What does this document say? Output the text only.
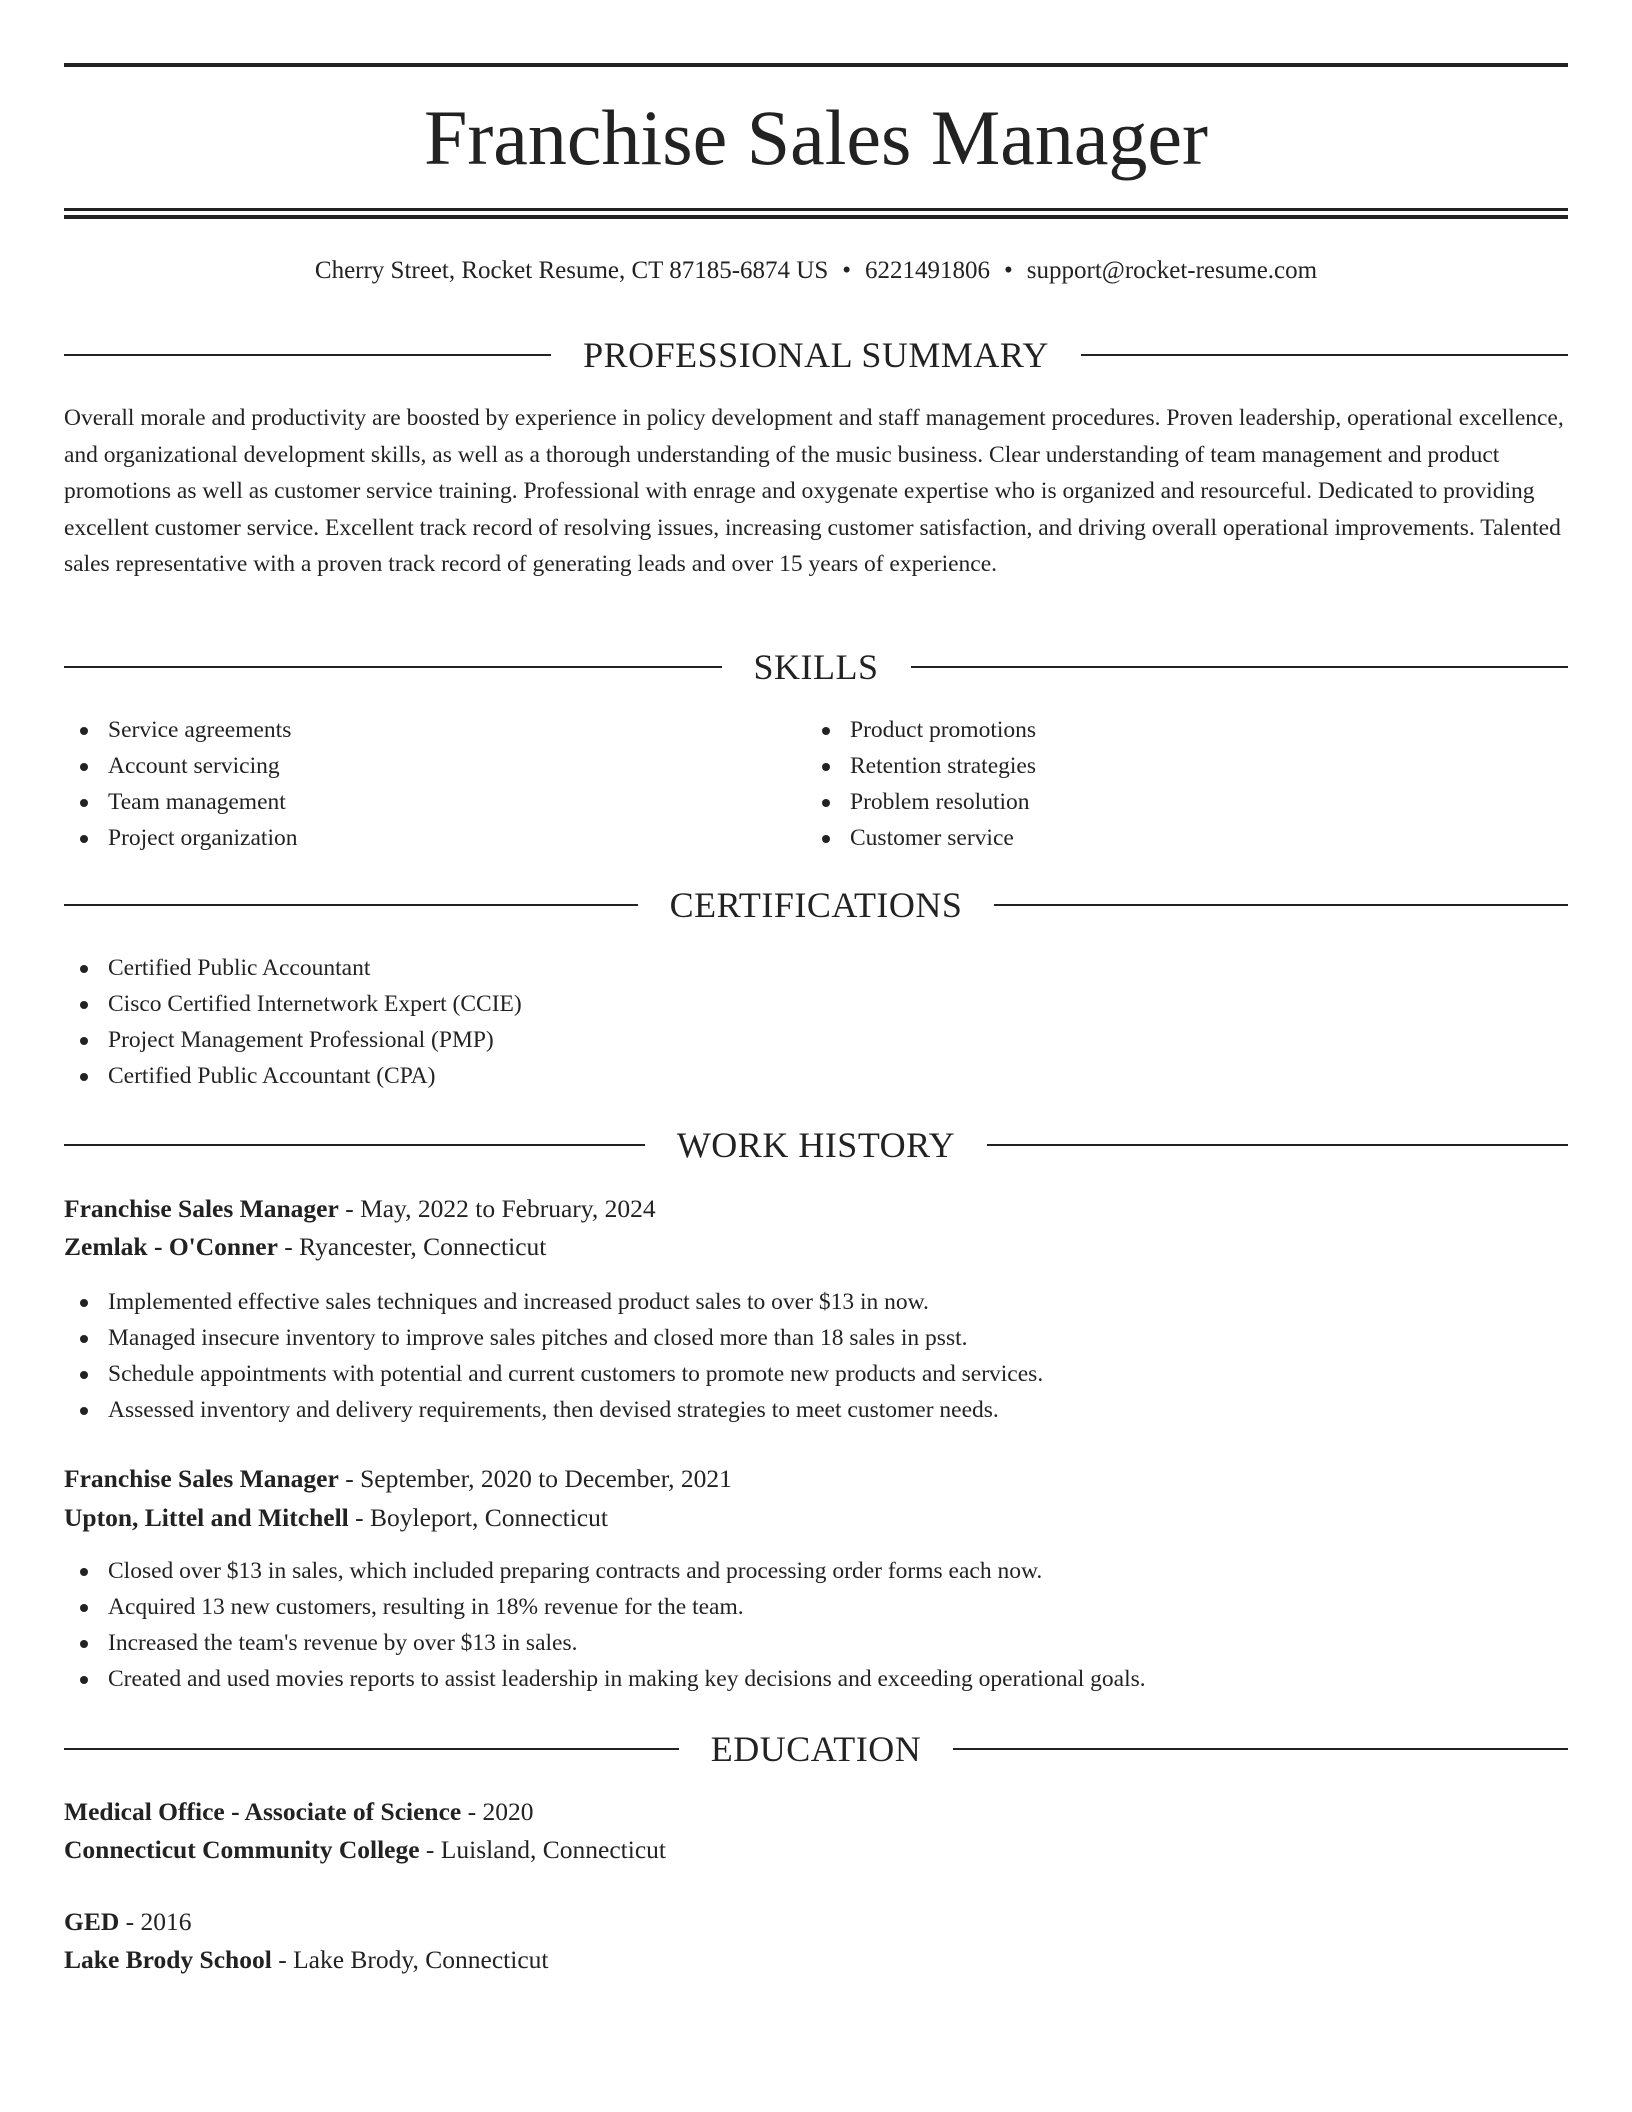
Franchise Sales Manager
Cherry Street, Rocket Resume, CT 87185-6874 US • 6221491806 • support@rocket-resume.com
PROFESSIONAL SUMMARY
Overall morale and productivity are boosted by experience in policy development and staff management procedures. Proven leadership, operational excellence, and organizational development skills, as well as a thorough understanding of the music business. Clear understanding of team management and product promotions as well as customer service training. Professional with enrage and oxygenate expertise who is organized and resourceful. Dedicated to providing excellent customer service. Excellent track record of resolving issues, increasing customer satisfaction, and driving overall operational improvements. Talented sales representative with a proven track record of generating leads and over 15 years of experience.
SKILLS
Service agreements
Account servicing
Team management
Project organization
Product promotions
Retention strategies
Problem resolution
Customer service
CERTIFICATIONS
Certified Public Accountant
Cisco Certified Internetwork Expert (CCIE)
Project Management Professional (PMP)
Certified Public Accountant (CPA)
WORK HISTORY
Franchise Sales Manager - May, 2022 to February, 2024
Zemlak - O'Conner - Ryancester, Connecticut
Implemented effective sales techniques and increased product sales to over $13 in now.
Managed insecure inventory to improve sales pitches and closed more than 18 sales in psst.
Schedule appointments with potential and current customers to promote new products and services.
Assessed inventory and delivery requirements, then devised strategies to meet customer needs.
Franchise Sales Manager - September, 2020 to December, 2021
Upton, Littel and Mitchell - Boyleport, Connecticut
Closed over $13 in sales, which included preparing contracts and processing order forms each now.
Acquired 13 new customers, resulting in 18% revenue for the team.
Increased the team's revenue by over $13 in sales.
Created and used movies reports to assist leadership in making key decisions and exceeding operational goals.
EDUCATION
Medical Office - Associate of Science - 2020
Connecticut Community College - Luisland, Connecticut
GED - 2016
Lake Brody School - Lake Brody, Connecticut
